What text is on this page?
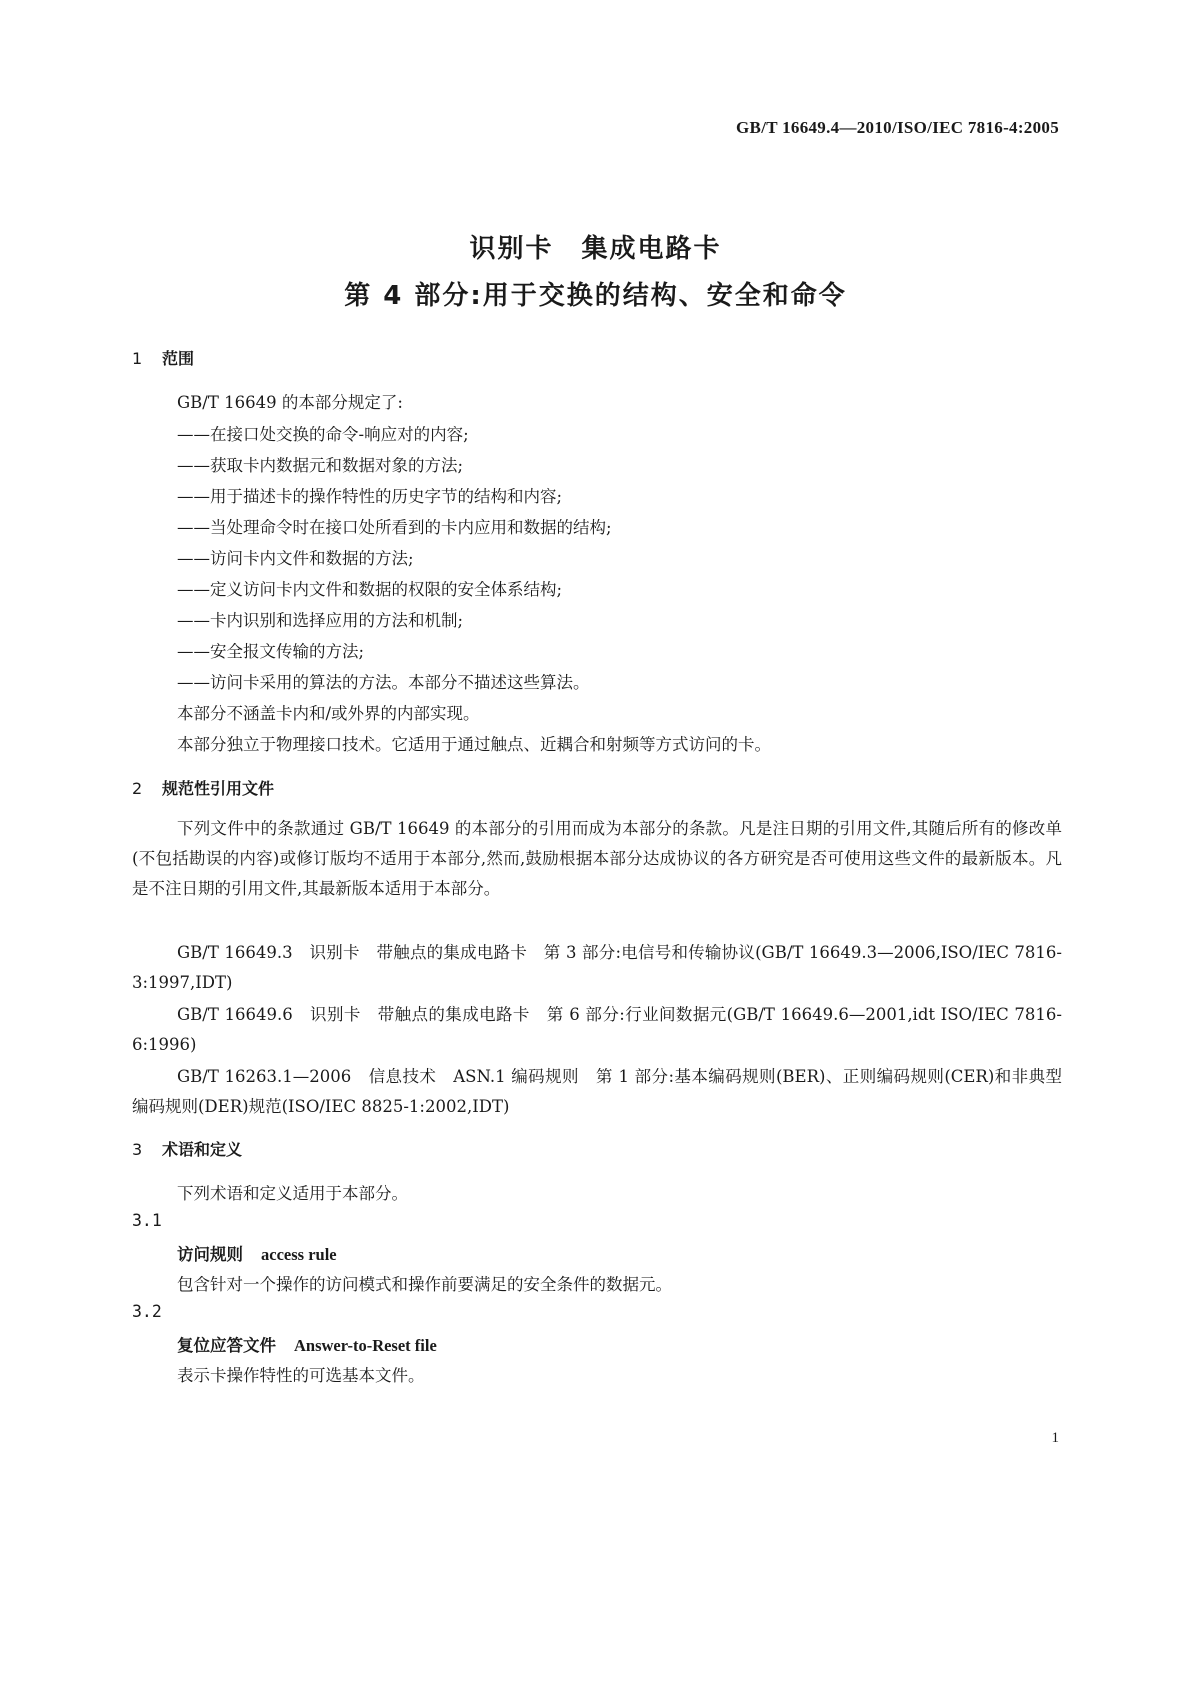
GB/T 16649.4—2010/ISO/IEC 7816-4:2005
识别卡　集成电路卡
第 4 部分:用于交换的结构、安全和命令
1 范围
GB/T 16649 的本部分规定了:
——在接口处交换的命令-响应对的内容;
——获取卡内数据元和数据对象的方法;
——用于描述卡的操作特性的历史字节的结构和内容;
——当处理命令时在接口处所看到的卡内应用和数据的结构;
——访问卡内文件和数据的方法;
——定义访问卡内文件和数据的权限的安全体系结构;
——卡内识别和选择应用的方法和机制;
——安全报文传输的方法;
——访问卡采用的算法的方法。本部分不描述这些算法。
本部分不涵盖卡内和/或外界的内部实现。
本部分独立于物理接口技术。它适用于通过触点、近耦合和射频等方式访问的卡。
2 规范性引用文件
下列文件中的条款通过 GB/T 16649 的本部分的引用而成为本部分的条款。凡是注日期的引用文件,其随后所有的修改单(不包括勘误的内容)或修订版均不适用于本部分,然而,鼓励根据本部分达成协议的各方研究是否可使用这些文件的最新版本。凡是不注日期的引用文件,其最新版本适用于本部分。
GB/T 16649.3　识别卡　带触点的集成电路卡　第 3 部分:电信号和传输协议(GB/T 16649.3—2006,ISO/IEC 7816-3:1997,IDT)
GB/T 16649.6　识别卡　带触点的集成电路卡　第 6 部分:行业间数据元(GB/T 16649.6—2001,idt ISO/IEC 7816-6:1996)
GB/T 16263.1—2006　信息技术　ASN.1 编码规则　第 1 部分:基本编码规则(BER)、正则编码规则(CER)和非典型编码规则(DER)规范(ISO/IEC 8825-1:2002,IDT)
3 术语和定义
下列术语和定义适用于本部分。
3.1
访问规则 access rule
包含针对一个操作的访问模式和操作前要满足的安全条件的数据元。
3.2
复位应答文件 Answer-to-Reset file
表示卡操作特性的可选基本文件。
1
